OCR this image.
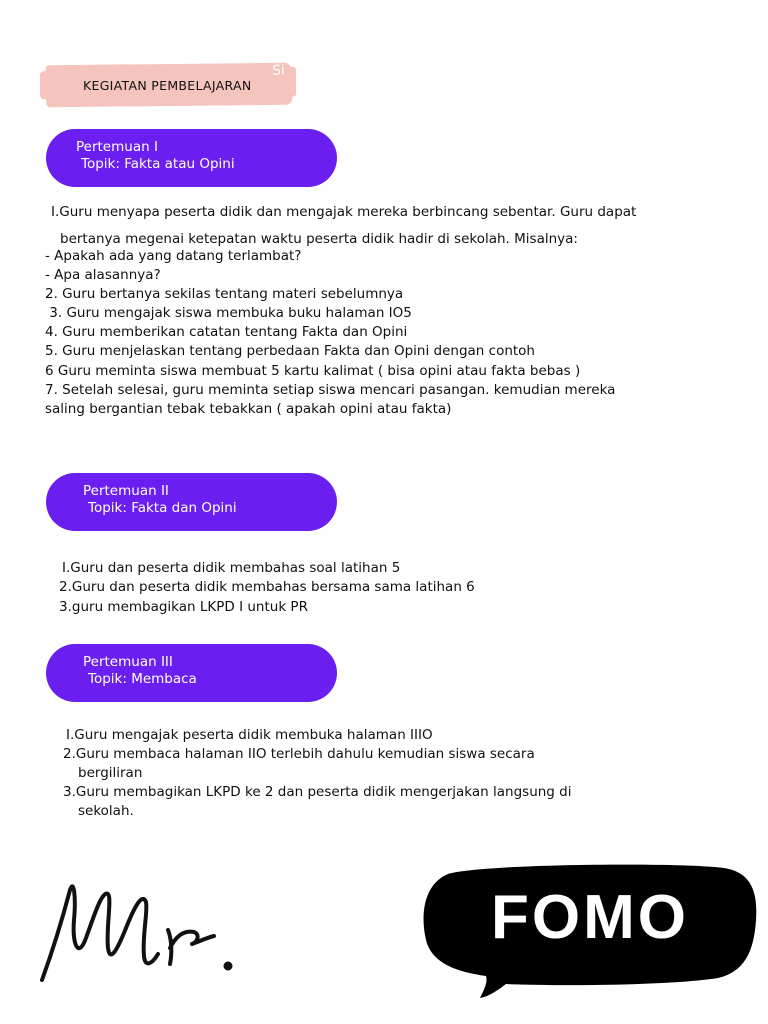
KEGIATAN PEMBELAJARAN
Si
Pertemuan I
Topik: Fakta atau Opini
I.Guru menyapa peserta didik dan mengajak mereka berbincang sebentar. Guru dapat
bertanya megenai ketepatan waktu peserta didik hadir di sekolah. Misalnya:
- Apakah ada yang datang terlambat?
- Apa alasannya?
2. Guru bertanya sekilas tentang materi sebelumnya
3. Guru mengajak siswa membuka buku halaman IO5
4. Guru memberikan catatan tentang Fakta dan Opini
5. Guru menjelaskan tentang perbedaan Fakta dan Opini dengan contoh
6 Guru meminta siswa membuat 5 kartu kalimat ( bisa opini atau fakta bebas )
7. Setelah selesai, guru meminta setiap siswa mencari pasangan. kemudian mereka
saling bergantian tebak tebakkan ( apakah opini atau fakta)
Pertemuan II
Topik: Fakta dan Opini
I.Guru dan peserta didik membahas soal latihan 5
2.Guru dan peserta didik membahas bersama sama latihan 6
3.guru membagikan LKPD I untuk PR
Pertemuan III
Topik: Membaca
I.Guru mengajak peserta didik membuka halaman IIIO
2.Guru membaca halaman IIO terlebih dahulu kemudian siswa secara
bergiliran
3.Guru membagikan LKPD ke 2 dan peserta didik mengerjakan langsung di
sekolah.
FOMO
